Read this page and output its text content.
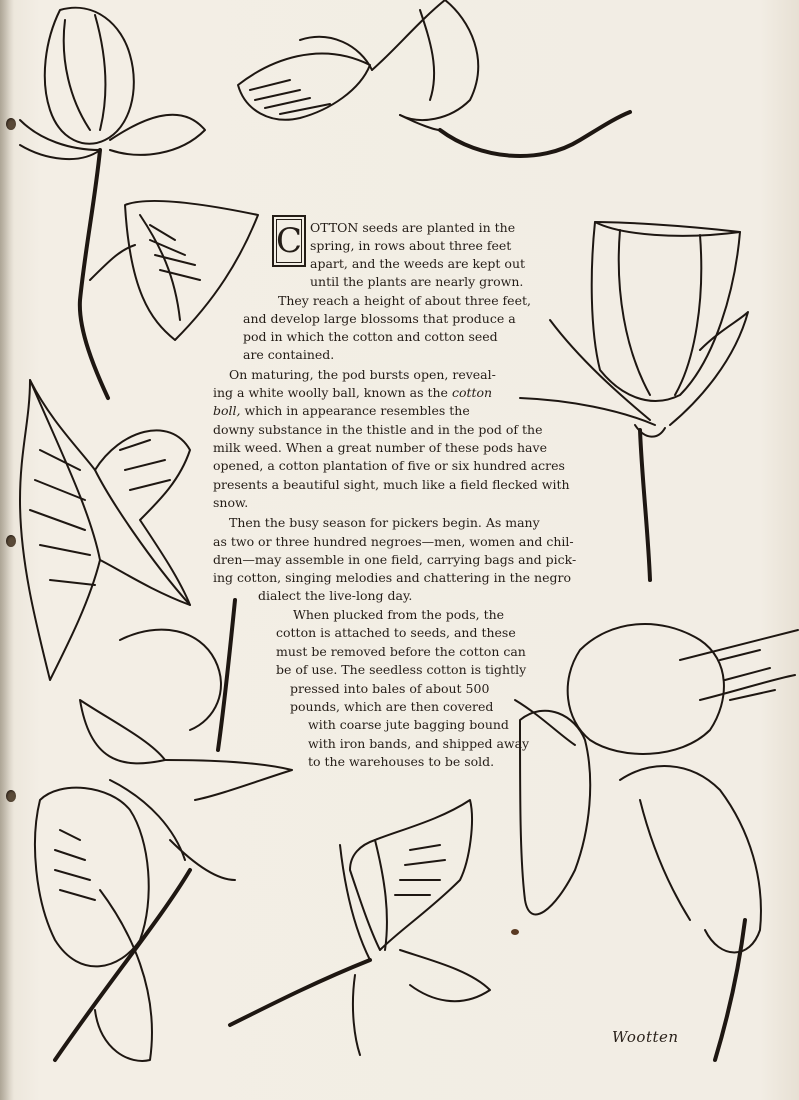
C OTTON seeds are planted in the
spring, in rows about three feet
apart, and the weeds are kept out
until the plants are nearly grown.
They reach a height of about three feet,
and develop large blossoms that produce a
pod in which the cotton and cotton seed
are contained.
On maturing, the pod bursts open, reveal-
ing a white woolly ball, known as the cotton
boll, which in appearance resembles the
downy substance in the thistle and in the pod of the
milk weed. When a great number of these pods have
opened, a cotton plantation of five or six hundred acres
presents a beautiful sight, much like a field flecked with
snow.
Then the busy season for pickers begin. As many
as two or three hundred negroes—men, women and chil-
dren—may assemble in one field, carrying bags and pick-
ing cotton, singing melodies and chattering in the negro
dialect the live-long day.
When plucked from the pods, the
cotton is attached to seeds, and these
must be removed before the cotton can
be of use. The seedless cotton is tightly
pressed into bales of about 500
pounds, which are then covered
with coarse jute bagging bound
with iron bands, and shipped away
to the warehouses to be sold.
Wootten
